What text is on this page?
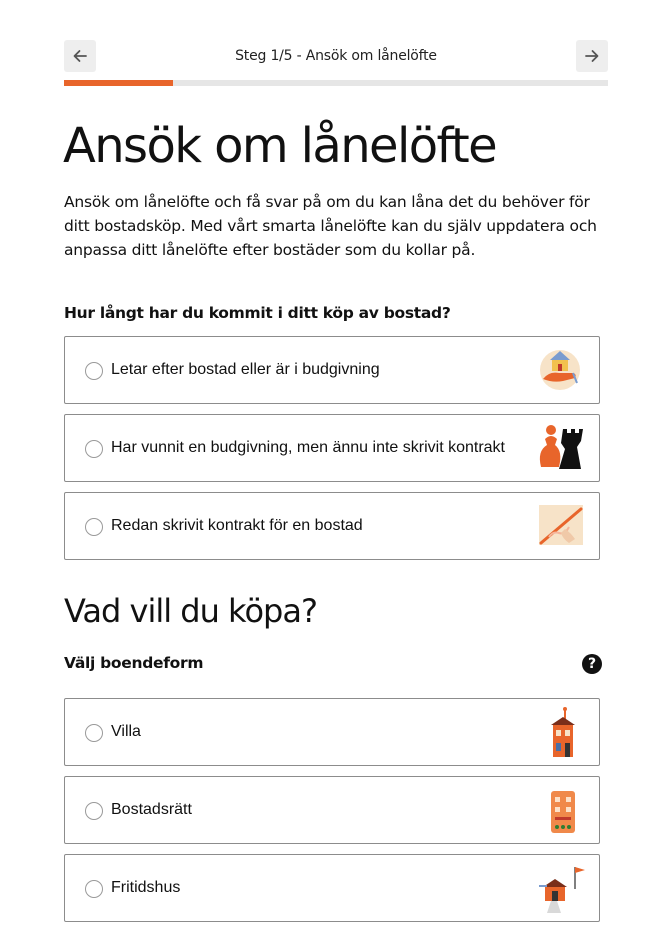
Steg 1/5 - Ansök om lånelöfte
Ansök om lånelöfte

Ansök om lånelöfte och få svar på om du kan låna det du behöver för ditt bostadsköp. Med vårt smarta lånelöfte kan du själv uppdatera och anpassa ditt lånelöfte efter bostäder som du kollar på.

Hur långt har du kommit i ditt köp av bostad?
Letar efter bostad eller är i budgivning
Har vunnit en budgivning, men ännu inte skrivit kontrakt
Redan skrivit kontrakt för en bostad
Vad vill du köpa?
Välj boendeform	?
Villa
Bostadsrätt
Fritidshus
